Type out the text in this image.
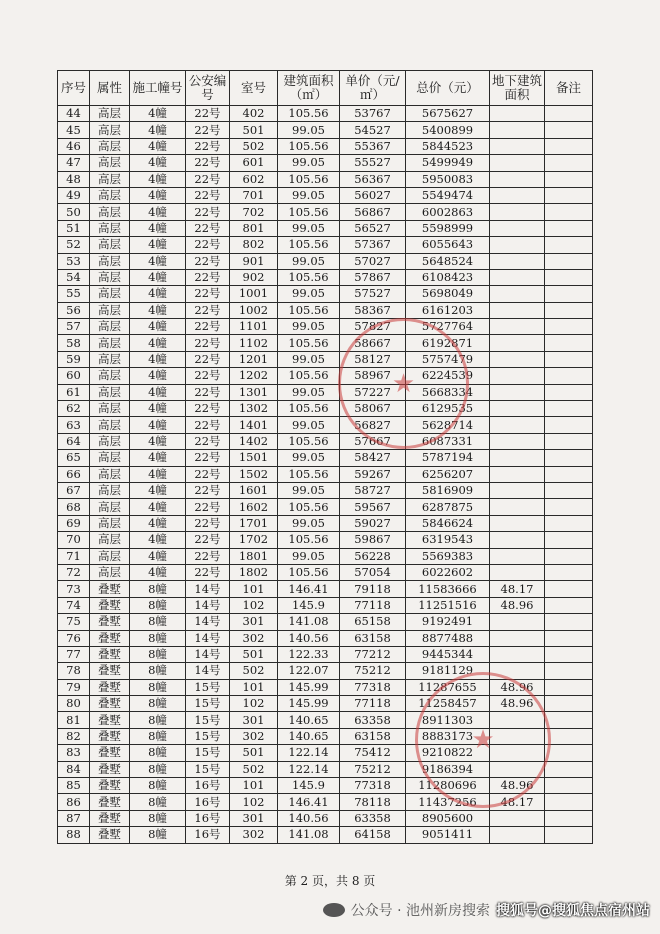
序号	属性	施工幢号	公安编号	室号	建筑面积（㎡）	单价（元/㎡）	总价（元）	地下建筑面积	备注
44	高层	4幢	22号	402	105.56	53767	5675627		
45	高层	4幢	22号	501	99.05	54527	5400899		
46	高层	4幢	22号	502	105.56	55367	5844523		
47	高层	4幢	22号	601	99.05	55527	5499949		
48	高层	4幢	22号	602	105.56	56367	5950083		
49	高层	4幢	22号	701	99.05	56027	5549474		
50	高层	4幢	22号	702	105.56	56867	6002863		
51	高层	4幢	22号	801	99.05	56527	5598999		
52	高层	4幢	22号	802	105.56	57367	6055643		
53	高层	4幢	22号	901	99.05	57027	5648524		
54	高层	4幢	22号	902	105.56	57867	6108423		
55	高层	4幢	22号	1001	99.05	57527	5698049		
56	高层	4幢	22号	1002	105.56	58367	6161203		
57	高层	4幢	22号	1101	99.05	57827	5727764		
58	高层	4幢	22号	1102	105.56	58667	6192871		
59	高层	4幢	22号	1201	99.05	58127	5757479		
60	高层	4幢	22号	1202	105.56	58967	6224539		
61	高层	4幢	22号	1301	99.05	57227	5668334		
62	高层	4幢	22号	1302	105.56	58067	6129535		
63	高层	4幢	22号	1401	99.05	56827	5628714		
64	高层	4幢	22号	1402	105.56	57667	6087331		
65	高层	4幢	22号	1501	99.05	58427	5787194		
66	高层	4幢	22号	1502	105.56	59267	6256207		
67	高层	4幢	22号	1601	99.05	58727	5816909		
68	高层	4幢	22号	1602	105.56	59567	6287875		
69	高层	4幢	22号	1701	99.05	59027	5846624		
70	高层	4幢	22号	1702	105.56	59867	6319543		
71	高层	4幢	22号	1801	99.05	56228	5569383		
72	高层	4幢	22号	1802	105.56	57054	6022602		
73	叠墅	8幢	14号	101	146.41	79118	11583666	48.17	
74	叠墅	8幢	14号	102	145.9	77118	11251516	48.96	
75	叠墅	8幢	14号	301	141.08	65158	9192491		
76	叠墅	8幢	14号	302	140.56	63158	8877488		
77	叠墅	8幢	14号	501	122.33	77212	9445344		
78	叠墅	8幢	14号	502	122.07	75212	9181129		
79	叠墅	8幢	15号	101	145.99	77318	11287655	48.96	
80	叠墅	8幢	15号	102	145.99	77118	11258457	48.96	
81	叠墅	8幢	15号	301	140.65	63358	8911303		
82	叠墅	8幢	15号	302	140.65	63158	8883173		
83	叠墅	8幢	15号	501	122.14	75412	9210822		
84	叠墅	8幢	15号	502	122.14	75212	9186394		
85	叠墅	8幢	16号	101	145.9	77318	11280696	48.96	
86	叠墅	8幢	16号	102	146.41	78118	11437256	48.17	
87	叠墅	8幢	16号	301	140.56	63358	8905600		
88	叠墅	8幢	16号	302	141.08	64158	9051411		
★
★
第 2 页，共 8 页
公众号 · 池州新房搜索 搜狐号@搜狐焦点宿州站
